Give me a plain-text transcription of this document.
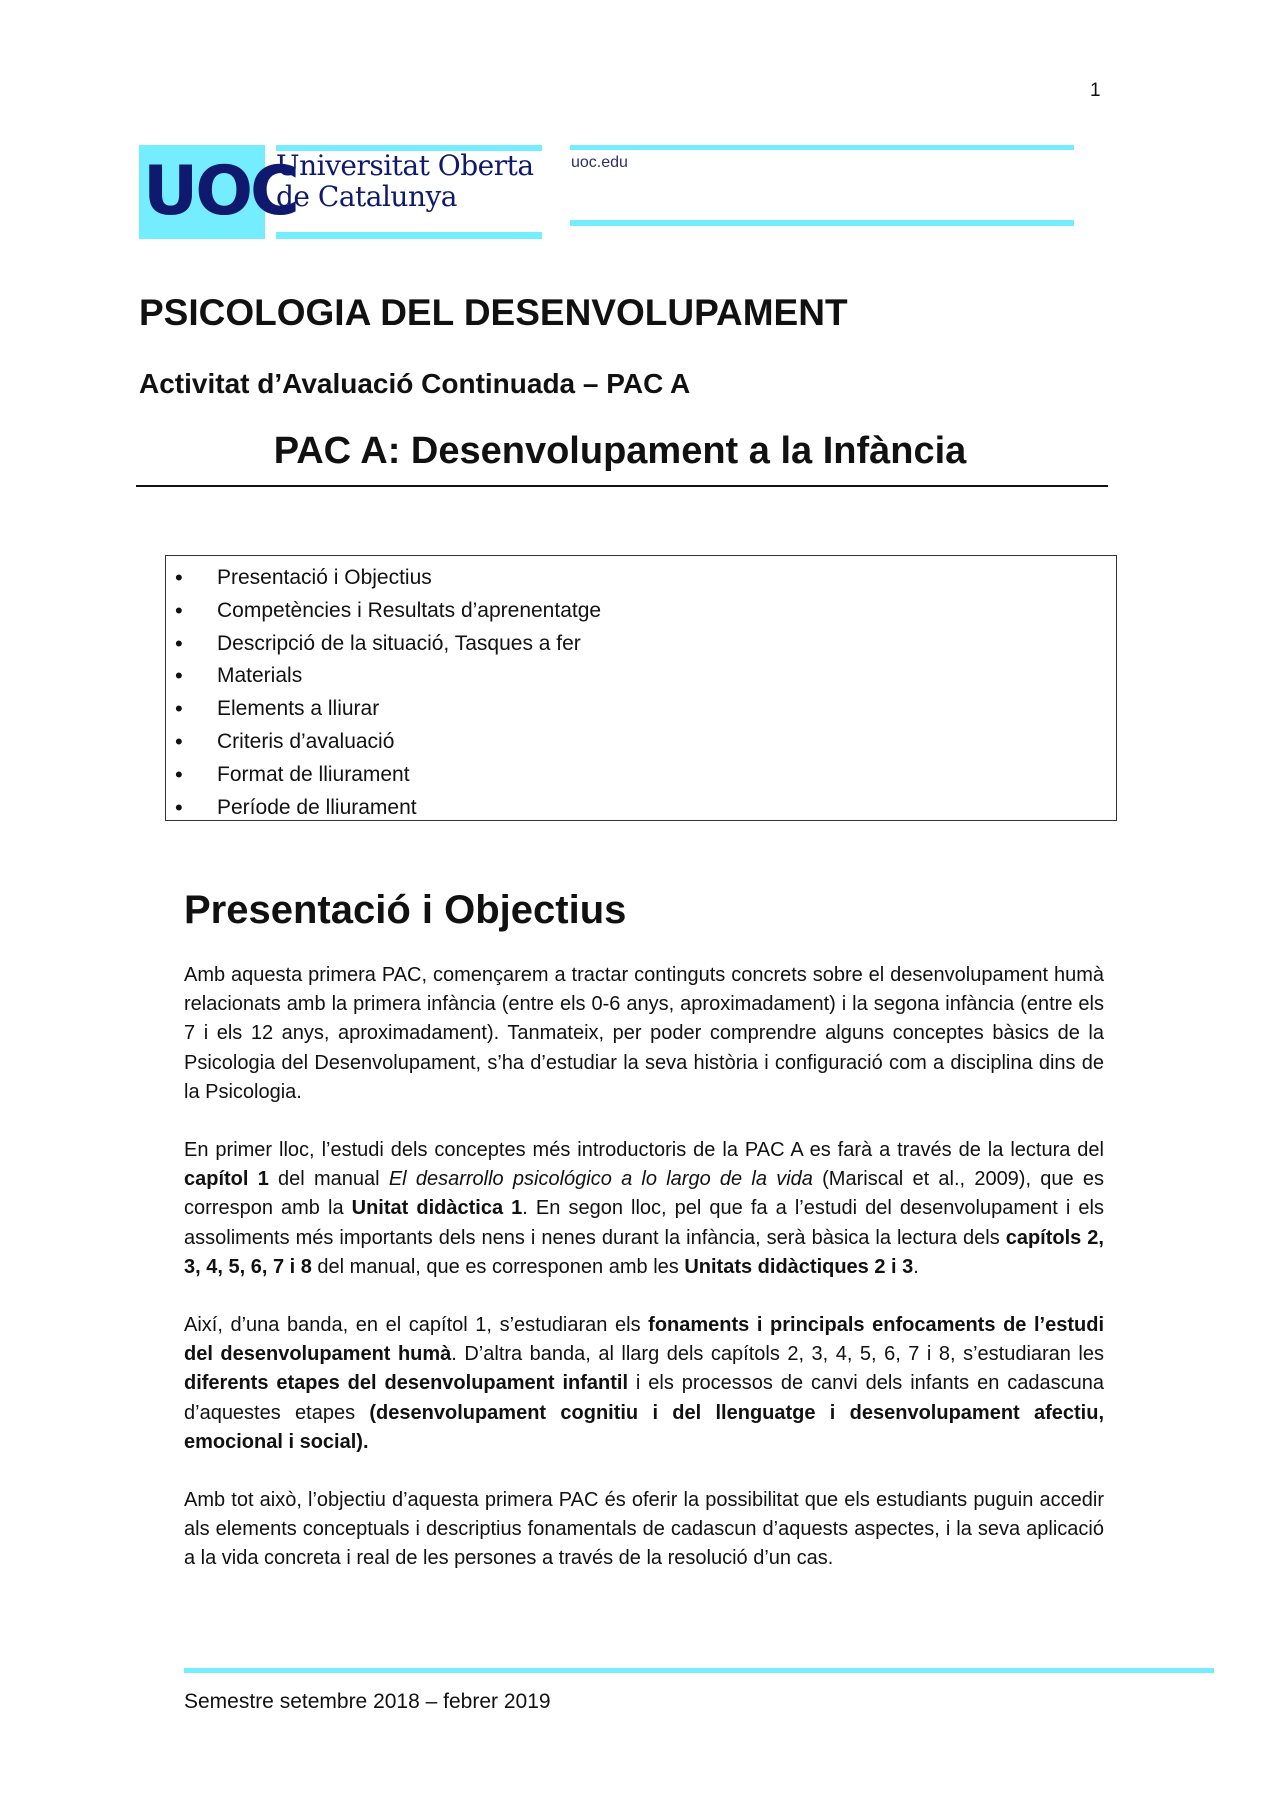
1
UOC
Universitat Oberta
de Catalunya
uoc.edu
PSICOLOGIA DEL DESENVOLUPAMENT
Activitat d’Avaluació Continuada – PAC A
PAC A: Desenvolupament a la Infància
• Presentació i Objectius
• Competències i Resultats d’aprenentatge
• Descripció de la situació, Tasques a fer
• Materials
• Elements a lliurar
• Criteris d’avaluació
• Format de lliurament
• Període de lliurament
Presentació i Objectius

Amb aquesta primera PAC, començarem a tractar continguts concrets sobre el desenvolupament humà relacionats amb la primera infància (entre els 0-6 anys, aproximadament) i la segona infància (entre els 7 i els 12 anys, aproximadament). Tanmateix, per poder comprendre alguns conceptes bàsics de la Psicologia del Desenvolupament, s’ha d’estudiar la seva història i configuració com a disciplina dins de la Psicologia.

En primer lloc, l’estudi dels conceptes més introductoris de la PAC A es farà a través de la lectura del capítol 1 del manual El desarrollo psicológico a lo largo de la vida (Mariscal et al., 2009), que es correspon amb la Unitat didàctica 1. En segon lloc, pel que fa a l’estudi del desenvolupament i els assoliments més importants dels nens i nenes durant la infància, serà bàsica la lectura dels capítols 2, 3, 4, 5, 6, 7 i 8 del manual, que es corresponen amb les Unitats didàctiques 2 i 3.

Així, d’una banda, en el capítol 1, s’estudiaran els fonaments i principals enfocaments de l’estudi del desenvolupament humà. D’altra banda, al llarg dels capítols 2, 3, 4, 5, 6, 7 i 8, s’estudiaran les diferents etapes del desenvolupament infantil i els processos de canvi dels infants en cadascuna d’aquestes etapes (desenvolupament cognitiu i del llenguatge i desenvolupament afectiu, emocional i social).

Amb tot això, l’objectiu d’aquesta primera PAC és oferir la possibilitat que els estudiants puguin accedir als elements conceptuals i descriptius fonamentals de cadascun d’aquests aspectes, i la seva aplicació a la vida concreta i real de les persones a través de la resolució d’un cas.

Semestre setembre 2018 – febrer 2019
